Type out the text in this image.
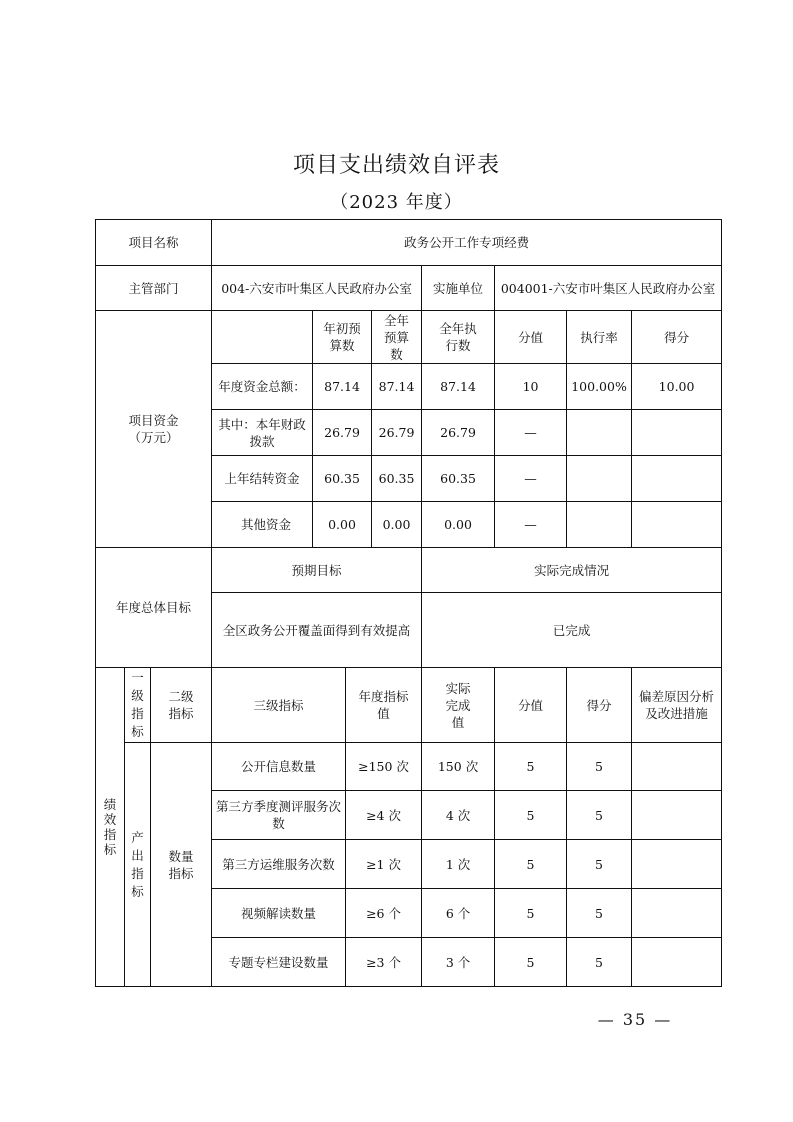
项目支出绩效自评表
（2023 年度）
项目名称			政务公开工作专项经费							
主管部门			004-六安市叶集区人民政府办公室				实施单位	004001-六安市叶集区人民政府办公室		
项目资金（万元）				年初预算数		全年预算数	全年执行数	分值	执行率	得分
			年度资金总额：	87.14		87.14	87.14	10	100.00%	10.00
			其中：本年财政拨款	26.79		26.79	26.79	—		
			上年结转资金	60.35		60.35	60.35	—		
			其他资金	0.00		0.00	0.00	—		
年度总体目标			预期目标				实际完成情况			
			全区政务公开覆盖面得到有效提高				已完成			
绩效指标	一级指标	二级指标	三级指标		年度指标值		实际完成值	分值	得分	偏差原因分析及改进措施
	产出指标	数量指标	公开信息数量		≥150 次		150 次	5	5	
			第三方季度测评服务次数		≥4 次		4 次	5	5	
			第三方运维服务次数		≥1 次		1 次	5	5	
			视频解读数量		≥6 个		6 个	5	5	
			专题专栏建设数量		≥3 个		3 个	5	5	
— 35 —
